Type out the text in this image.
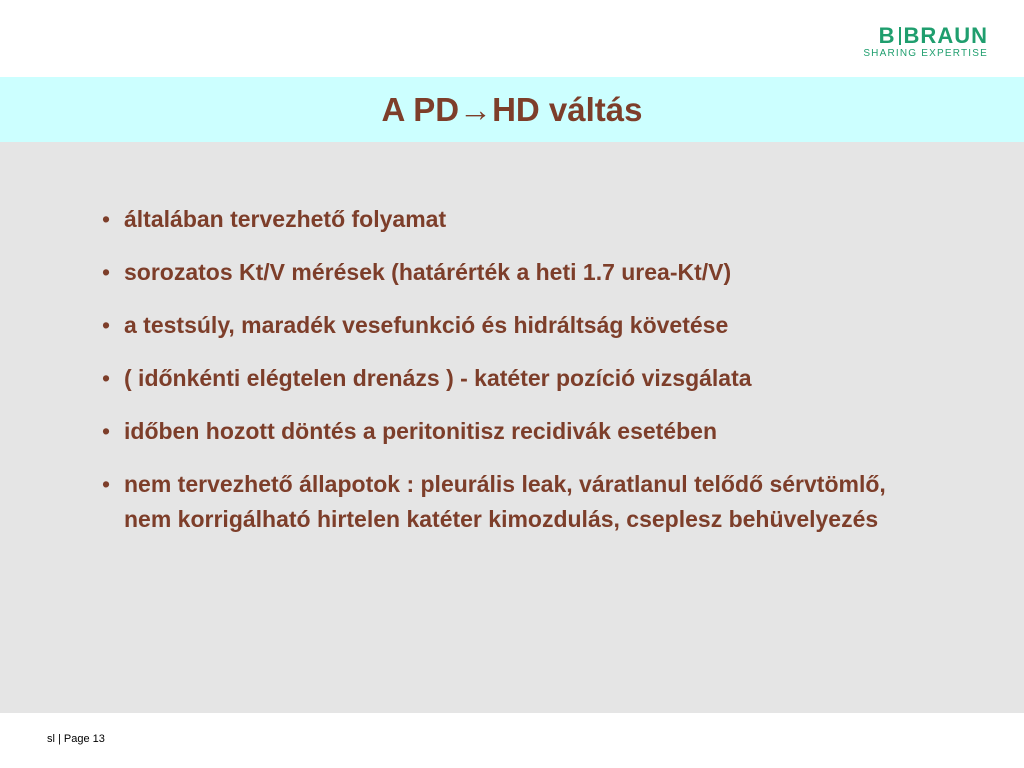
B BRAUN
SHARING EXPERTISE
A PD→HD váltás
• általában tervezhető folyamat
• sorozatos Kt/V mérések (határérték a heti 1.7 urea-Kt/V)
• a testsúly, maradék vesefunkció és hidráltság követése
• ( időnkénti elégtelen drenázs ) - katéter pozíció vizsgálata
• időben hozott döntés a peritonitisz recidivák esetében
• nem tervezhető állapotok : pleurális leak, váratlanul telődő sérvtömlő, nem korrigálható hirtelen katéter kimozdulás, cseplesz behüvelyezés
sl | Page 13
